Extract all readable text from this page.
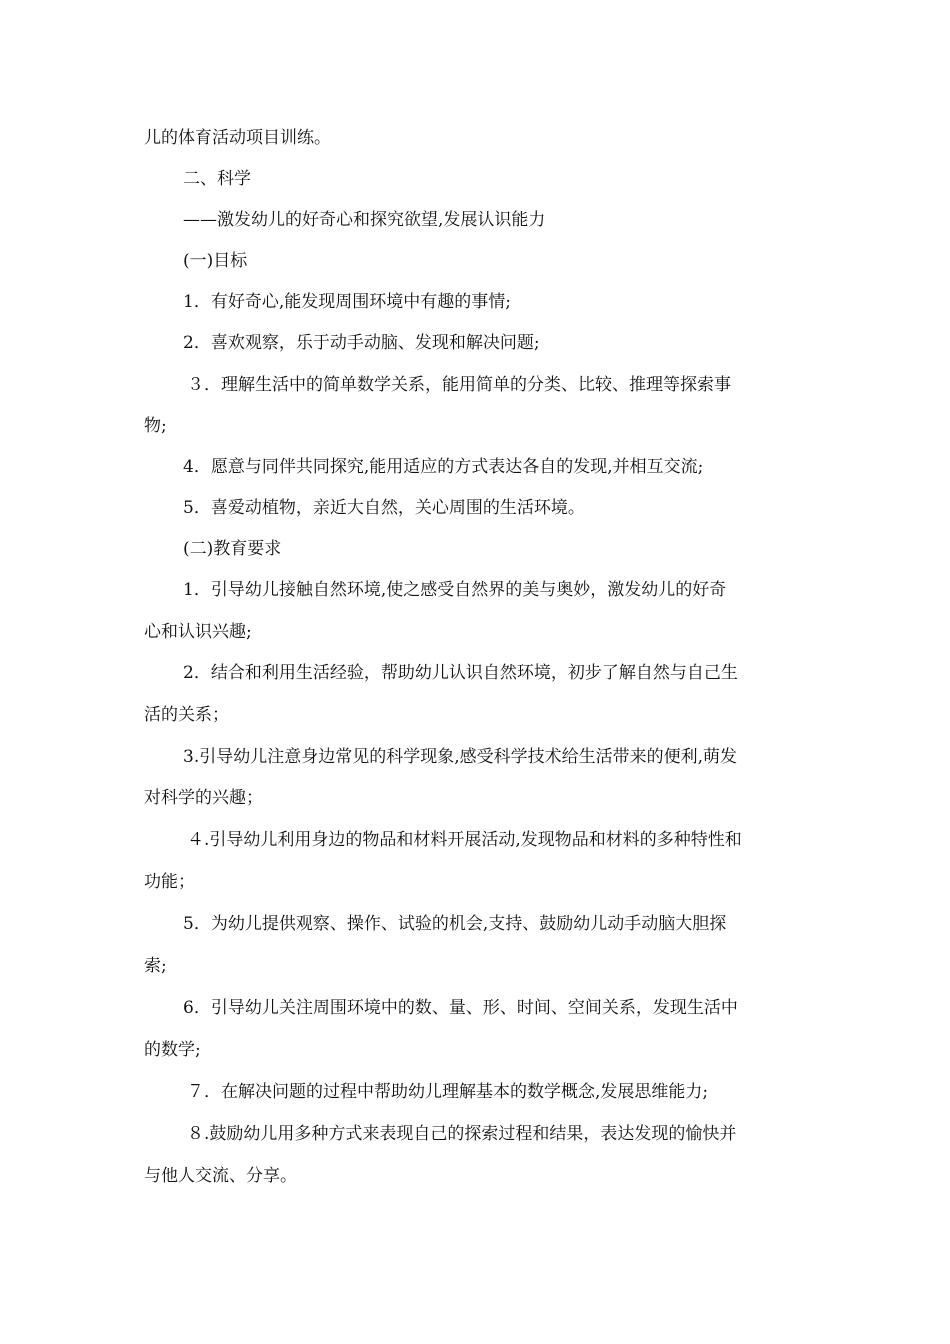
儿的体育活动项目训练。
二、科学
——激发幼儿的好奇心和探究欲望,发展认识能力
(一)目标
1．有好奇心,能发现周围环境中有趣的事情;
2．喜欢观察，乐于动手动脑、发现和解决问题;
３．理解生活中的简单数学关系，能用简单的分类、比较、推理等探索事
物;
4．愿意与同伴共同探究,能用适应的方式表达各自的发现,并相互交流;
5．喜爱动植物，亲近大自然，关心周围的生活环境。
(二)教育要求
1．引导幼儿接触自然环境,使之感受自然界的美与奥妙，激发幼儿的好奇
心和认识兴趣;
2．结合和利用生活经验，帮助幼儿认识自然环境，初步了解自然与自己生
活的关系；
3.引导幼儿注意身边常见的科学现象,感受科学技术给生活带来的便利,萌发
对科学的兴趣；
４.引导幼儿利用身边的物品和材料开展活动,发现物品和材料的多种特性和
功能；
5．为幼儿提供观察、操作、试验的机会,支持、鼓励幼儿动手动脑大胆探
索;
6．引导幼儿关注周围环境中的数、量、形、时间、空间关系，发现生活中
的数学;
７．在解决问题的过程中帮助幼儿理解基本的数学概念,发展思维能力;
８.鼓励幼儿用多种方式来表现自己的探索过程和结果，表达发现的愉快并
与他人交流、分享。
